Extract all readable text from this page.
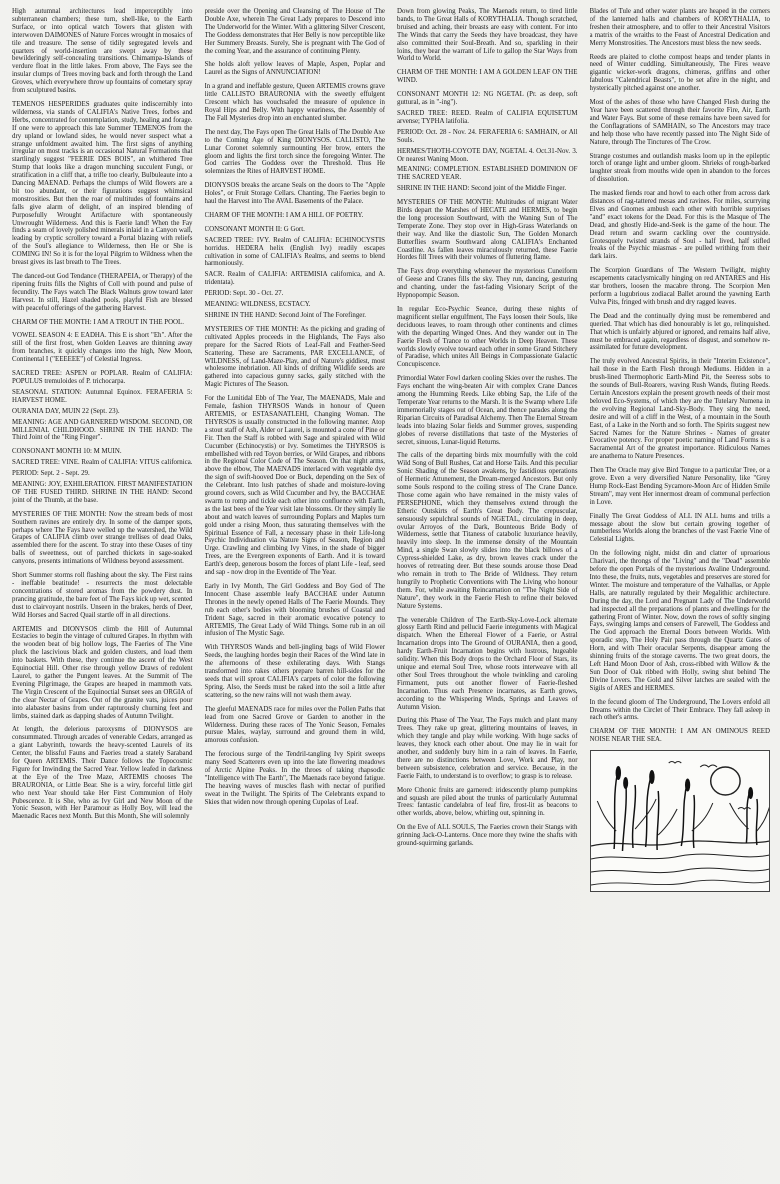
High autumnal architectures lead imperceptibly into subterranean chambers; these turn, shell-like, to the Earth Surface, or into optical watch Towers that glisten with interwoven DAIMONES of Nature Forces wrought in mosaics of tile and treasure. The sense of tidily segregated levels and quarters of world-insertion are swept away by these bewilderingly self-concealing transitions. Chimampa-Islands of verdure float in the little lakes. From above, The Fays see the insular clumps of Trees moving back and forth through the Land Groves, which everywhere throw up fountains of cometary spray from sculptured basins.

TEMENOS HESPERIDES graduates quite indiscernibly into wilderness, via stands of CALIFIA's Native Trees, forbes and Herbs, concentrated for contemplation, study, healing and forage. If one were to approach this late Summer TEMENOS from the dry upland or lowland sides, he would never suspect what a strange unfoldment awaited him. The first signs of anything irregular on most tracks is an occasional Natural Formations that startlingly suggest "FEERIE DES BOIS", an whithered Tree Stump that looks like a dragon munching succulent Fungi, or stratification in a cliff that, a trifle too clearly, Bulbuleaute into a Dancing MAENAD. Perhaps the clumps of Wild flowers are a bit too abundant, or their figurations suggest whimsical monstrosities. But then the roar of multitudes of fountains and falls give alarm of delight, of an inspired blending of Purposefully Wrought Artifacture with spontaneously Unwrought Wilderness. And this is Faerie land! When the Fay finds a seam of lovely polished minerals inlaid in a Canyon wall, leading by cryptic scrollery toward a Portal blazing with reliefs of the Soul's allegiance to Wilderness, then He or She is COMING IN! So it is for the loyal Pilgrim to Wildness when the breast gives its last breath to The Trees.

The danced-out God Tendance (THERAPEIA, or Therapy) of the ripening fruits fills the Nights of Coll with pound and pulse of fecundity. The Fays watch The Black Walnuts grow toward later Harvest. In still, Hazel shaded pools, playful Fish are blessed with peaceful offerings of the gathering Harvest.

CHARM OF THE MONTH: I AM A TROUT IN THE POOL.

VOWEL SEASON 4: E EADHA. This E is short "Eh". After the still of the first frost, when Golden Leaves are thinning away from branches, it quickly changes into the high, New Moon, Continental I ("EEEEEE") of Celestial Ingress.

SACRED TREE: ASPEN or POPLAR. Realm of CALIFIA: POPULUS tremuloides of P. trichocarpa.

SEASONAL STATION: Autumnal Equinox. FERAFERIA 5: HARVEST HOME.

OURANIA DAY, MUIN 22 (Sept. 23).

MEANING: AGE AND GARNERED WISDOM. SECOND, OR MILLENIAL CHILDHOOD. SHRINE IN THE HAND: The Third Joint of the "Ring Finger".

CONSONANT MONTH 10: M MUIN.

SACRED TREE: VINE. Realm of CALIFIA: VITUS californica.

PERIOD: Sept. 2 - Sept. 29.

MEANING: JOY, EXHILERATION. FIRST MANIFESTATION OF THE FUSED THIRD. SHRINE IN THE HAND: Second joint of the Thumb, at the base.

MYSTERIES OF THE MONTH: Now the stream beds of most Southern ravines are entirely dry. In some of the damper spots, perhaps where The Fays have welled up the watershed, the Wild Grapes of CALIFIA climb over strange trellises of dead Oaks, assembled there for the ascent. To stray into these Oases of tiny balls of sweetness, out of parched thickets in sage-soaked canyons, presents intimations of Wildness beyond assessment.

Short Summer storms roll flashing about the sky. The First rains - ineffable beatitude! - resurrects the most delectable concentrations of stored aromas from the powdery dust. In prancing gratitude, the bare feet of The Fays kick up wet, scented dust to clairvoyant nostrils. Unseen in the brakes, herds of Deer, Wild Horses and Sacred Quail startle off in all directions.

ARTEMIS and DIONYSOS climb the Hill of Autumnal Ecstacies to begin the vintage of cultured Grapes. In rhythm with the wooden beat of big hollow logs, The Faeries of The Vine pluck the lascivious black and golden clusters, and load them into baskets. With these, they continue the ascent of the West Equinoctial Hill. Other rise through yellow Draws of redolent Laurel, to gather the Pungent leaves. At the Summit of The Evening Pilgrimage, the Grapes are heaped in mammoth vats. The Virgin Crescent of the Equinoctial Sunset sees an ORGIA of the clear Nectar of Grapes. Out of the granite vats, juices pour into alabaster basins from under rapturously churning feet and limbs, stained dark as dapping shades of Autumn Twilight.

At length, the delerious paroxysms of DIONYSOS are consummated. Through arcades of venerable Cedars, arranged as a giant Labyrinth, towards the heavy-scented Laurels of its Center, the blissful Fauns and Faeries tread a stately Saraband for Queen ARTEMIS. Their Dance follows the Topocosmic Figure for Inwinding the Sacred Year. Yellow leafed in darkness at the Eye of the Tree Maze, ARTEMIS chooses The BRAURONIA, or Little Bear. She is a wiry, forceful little girl who next Year should take Her First Communion of Holy Pubescence. It is She, who as Ivy Girl and New Moon of the Yonic Season, with Her Paramour as Holly Boy, will lead the Maenadic Races next Month. But this Month, She will solemnly

preside over the Opening and Cleansing of The House of The Double Axe, wherein The Great Lady prepares to Descend into The Underworld for the Winter. With a glittering Silver Crescent, The Goddess demonstrates that Her Belly is now perceptible like Her Summery Breasts. Surely, She is pregnant with The God of the coming Year, and the assurance of continuing Plenty.

She holds aloft yellow leaves of Maple, Aspen, Poplar and Laurel as the Signs of ANNUNCIATION!

In a grand and ineffable gesture, Queen ARTEMIS crowns grave little CALLISTO BRAURONIA with the sweetly effulgent Crescent which has vouchsafed the measure of opulence in Royal Hips and Belly. With happy weariness, the Assembly of The Fall Mysteries drop into an enchanted slumber.

The next day, The Fays open The Great Halls of The Double Axe to the Coming Age of King DIONYSOS. CALLISTO, The Lunar Coronet solemnly surmounting Her brow, enters the gloom and lights the first torch since the foregoing Winter. The God carries The Goddess over the Threshold. Thus He solemnizes the Rites of HARVEST HOME.

DIONYSOS breaks the arcane Seals on the doors to The "Apple Holes", or Fruit Storage Cellars. Chanting, The Faeries begin to haul the Harvest into The AVAL Basements of the Palace.

CHARM OF THE MONTH: I AM A HILL OF POETRY.

CONSONANT MONTH II: G Gort.

SACRED TREE: IVY. Realm of CALIFIA: ECHINOCYSTIS horridus. HEDERA helix (English Ivy) readily escapes cultivation in some of CALIFIA's Realms, and seems to blend harmoniously.

SACR. Realm of CALIFIA: ARTEMISIA californica, and A. tridentata).

PERIOD: Sept. 30 - Oct. 27.

MEANING: WILDNESS, ECSTACY.

SHRINE IN THE HAND: Second Joint of The Forefinger.

MYSTERIES OF THE MONTH: As the picking and grading of cultivated Apples proceeds in the Highlands, The Fays also prepare for the Sacred Riots of Leaf-Fall and Feather-Seed Scattering. These are Sacraments, PAR EXCELLANCE, of WILDNESS, of Land-Maze-Play, and of Nature's giddiest, most wholesome inebriation. All kinds of drifting Wildlife seeds are gathered into capacious gunny sacks, gaily stitched with the Magic Pictures of The Season.

For the Lunitidal Ebb of The Year, The MAENADS, Male and Female, fashion THYRSOS Wands in honour of Queen ARTEMIS, or ESTASANATLEHI, Changing Woman. The THYRSOS is usually constructed in the following manner. Atop a stout staff of Ash, Alder or Laurel, is mounted a cone of Pine or Fir. Then the Staff is robbed with Sage and spiraled with Wild Cucumber (Echinocystis) or Ivy. Sometimes the THYRSOS is embellished with red Toyon berries, or Wild Grapes, and ribbons in the Regional Color Code of The Season. On that night arms, above the elbow, The MAENADS interlaced with vegetable dye the sign of swift-hooved Doe or Buck, depending on the Sex of the Celebrant. Into lush patches of shade and moisture-loving ground covers, such as Wild Cucumber and Ivy, the BACCHAE swarm to romp and tickle each other into confluence with Earth, as the last bees of the Year visit late blossoms. Or they simply lie about and watch leaves of surrounding Poplars and Maples turn gold under a rising Moon, thus saturating themselves with the Spiritual Essence of Fall, a necessary phase in their Life-long Psychic Individuation via Nature Signs of Season, Region and Urge. Crawling and climbing Ivy Vines, in the shade of bigger Trees, are the Evergreen exponents of Earth. And it is toward Earth's deep, generous bosom the forces of plant Life - leaf, seed and sap - now drop in the Eventide of The Year.

Early in Ivy Month, The Girl Goddess and Boy God of The Innocent Chase assemble leafy BACCHAE under Autumn Thrones in the newly opened Halls of The Faerie Mounds. They rub each other's bodies with blooming brushes of Coastal and Trident Sage, sacred in their aromatic evocative potency to ARTEMIS, The Great Lady of Wild Things. Some rub in an oil infusion of The Mystic Sage.

With THYRSOS Wands and bell-jingling bags of Wild Flower Seeds, the laughing hordes begin their Races of the Wind late in the afternoons of these exhilerating days. With Stangs transformed into rakes others prepare barren hill-sides for the seeds that will sprout CALIFIA's carpets of color the following Spring. Also, the Seeds must be raked into the soil a little after scattering, so the new rains will not wash them away.

The gleeful MAENADS race for miles over the Pollen Paths that lead from one Sacred Grove or Garden to another in the Wilderness. During these races of The Yonic Season, Females pursue Males, waylay, surround and ground them in wild, amorous confusion.

The ferocious surge of the Tendril-tangling Ivy Spirit sweeps many Seed Scatterers even up into the late flowering meadows of Arctic Alpine Peaks. In the throes of taking rhapsodic "Intelligence with The Earth", The Maenads race beyond fatigue. The heaving waves of muscles flash with nectar of purified sweat in the Twilight. The Spirits of The Celebrants expand to Skies that widen now through opening Cupolas of Leaf.

Down from glowing Peaks, The Maenads return, to tired little bands, to The Great Halls of KORYTHALIA. Though scratched, bruised and aching, their breasts are easy with content. For into The Winds that carry the Seeds they have broadcast, they have also committed their Soul-Breath. And so, sparkling in their loins, they bear the warrant of Life to gallop the Star Ways from World to World.

CHARM OF THE MONTH: I AM A GOLDEN LEAF ON THE WIND.

CONSONANT MONTH 12: NG NGETAL (Pr. as deep, soft guttural, as in "-ing").

SACRED TREE: REED. Realm of CALIFIA EQUISETUM arvense; TYPHA latifolia.

PERIOD: Oct. 28 - Nov. 24. FERAFERIA 6: SAMHAIN, or All Souls.

HERMES/THOTH-COYOTE DAY, NGETAL 4. Oct.31-Nov. 3. Or nearest Waning Moon.

MEANING: COMPLETION. ESTABLISHED DOMINION OF THE SACRED YEAR.

SHRINE IN THE HAND: Second joint of the Middle Finger.

MYSTERIES OF THE MONTH: Multitudes of migrant Water Birds depart the Marshes of HECATE and HERMES, to begin the long procession Southward, with the Waning Sun of The Temperate Zone. They stop over in High-Grass Waterlands on their way. And like the diastolic Sun, The Golden Monarch Butterflies swarm Southward along CALIFIA's Enchanted Coastline. As fallen leaves miraculously returned, these Faerie Hordes fill Trees with their volumes of fluttering flame.

The Fays drop everything whenever the mysterious Cuneiform of Geese and Cranes fills the sky. They run, dancing, gesturing and chanting, under the fast-fading Visionary Script of the Hypnopompic Season.

In regular Eco-Psychic Seance, during these nights of magnificent stellar engulfment, The Fays loosen their Souls, like deciduous leaves, to roam through other continents and climes with the departing Winged Ones. And they wander out in The Faerie Flesh of Trance to other Worlds in Deep Heaven. These worlds slowly evolve toward each other in some Grand Stitchery of Paradise, which unites All Beings in Compassionate Galactic Concupiscence.

Primordial Water Fowl darken cooling Skies over the rushes. The Fays enchant the wing-beaten Air with complex Crane Dances among the Humming Reeds. Like ebbing Sap, the Life of the Temperate Year returns to the Marsh. It is the Swamp where Life immemorially stages out of Ocean, and thence parades along the Riparian Circuits of Paradisal Alchemy. Then The Eternal Stream leads into blazing Solar fields and Summer groves, suspending globes of reverse distillations that taste of the Mysteries of secret, sinuous, Lunar-liquid Returns.

The calls of the departing birds mix mournfully with the cold Wild Song of Bull Rushes, Cat and Horse Tails. And this peculiar Sonic Shading of the Season awakens, by fastidious operations of Hermetic Attunement, the Dream-merged Ancestors. But only some Souls respond to the coiling stress of The Crane Dance. Those come again who have remained in the misty vales of PERSEPHONE, which they themselves extend through the Etheric Outskirts of Earth's Great Body. The crepuscular, sensuously sepulchral sounds of NGETAL, circulating in deep, ovular Arroyos of the Dark, Bounteous Bride Body of Wilderness, settle that Titaness of catabolic luxuriance heavily, heavily into sleep. In the immense density of the Mountain Mind, a single Swan slowly slides into the black billows of a Cypress-shielded Lake, as dry, brown leaves crack under the hooves of retreating deer. But these sounds arouse those Dead who remain in troth to The Bride of Wildness. They return hungrily to Prophetic Conventions with The Living who honour them. For, while awaiting Reincarnation on "The Night Side of Nature", they work in the Faerie Flesh to refine their beloved Nature Systems.

The venerable Children of The Earth-Sky-Love-Lock alternate glossy Earth Rind and pellucid Faerie integuments with Magical dispatch. When the Ethereal Flower of a Faerie, or Astral Incarnation drops into The Ground of OURANIA, then a good, hardy Earth-Fruit Incarnation begins with lustrous, hugeable solidity. When this Body drops to the Orchard Floor of Stars, its unique and eternal Soul Tree, whose roots interweave with all other Soul Trees throughout the whole twinkling and caroling Firmament, puts out another flower of Faerie-fleshed Incarnation. Thus each Presence incarnates, as Earth grows, according to the Whispering Winds, Springs and Leaves of Autumn Vision.

During this Phase of The Year, The Fays mulch and plant many Trees. They rake up great, glittering mountains of leaves, in which they tangle and play while working. With huge sacks of leaves, they knock each other about. One may lie in wait for another, and suddenly bury him in a rain of leaves. In Faerie, there are no distinctions between Love, Work and Play, nor between subsistence, celebration and service. Because, in the Faerie Faith, to understand is to overflow; to grasp is to release.

More Cthonic fruits are garnered: iridescently plump pumpkins and squash are piled about the trunks of particularly Autumnal Trees: fantastic candelabra of leaf fire, frost-lit as beacons to other worlds, above, below, whirling out, spinning in.

On the Eve of ALL SOULS, The Faeries crown their Stangs with grinning Jack-O-Lanterns. Once more they twine the shafts with ground-squirming garlands.

Blades of Tule and other water plants are heaped in the corners of the lanterned halls and chambers of KORYTHALIA, to freshen their atmosphere, and to offer to their Ancestral Visitors a matrix of the wraiths to the Feast of Ancestral Dedication and Merry Monstrosities. The Ancestors must bless the new seeds.

Reeds are plaited to clothe compost heaps and tender plants in need of Winter cuddling. Simultaneously, The Fires weave gigantic wicker-work dragons, chimeras, griffins and other fabulous "Calendrical Beasts", to be set afire in the night, and hysterically pitched against one another.

Most of the ashes of those who have Changed Flesh during the Year have been scattered through their favorite Fire, Air, Earth and Water Fays. But some of these remains have been saved for the Conflagrations of SAMHAIN, so The Ancestors may trace and help those who have recently passed into The Night Side of Nature, through The Tinctures of The Crow.

Strange costumes and outlandish masks loom up in the epileptic torch of orange light and umber gloom. Shrieks of rough-barked laughter streak from mouths wide open in abandon to the forces of dissolution.

The masked fiends roar and howl to each other from across dark distances of rag-tattered mesas and ravines. For miles, scurrying Elves and Gnomes ambush each other with horrible surprises "and" exact tokens for the Dead. For this is the Masque of The Dead, and ghostly Hide-and-Seek is the game of the hour. The Dead return and swarm cackling over the countryside. Grotesquely twisted strands of Soul - half lived, half stifled freaks of the Psychic miasmas - are pulled writhing from their dark lairs.

The Scorpion Guardians of The Western Twilight, mighty escapements cataclysmically hinging on red ANTARES and His star brothers, loosen the macabre throng. The Scorpion Men perform a lugubrious zodiacal Ballet around the yawning Earth Vulva Pits, fringed with brush and dry ragged leaves.

The Dead and the continually dying must be remembered and queried. That which has died honourably is let go, relinquished. That which is unfairly abjured or ignored, and remains half alive, must be embraced again, regardless of disgust, and somehow re-assimilated for future development.

The truly evolved Ancestral Spirits, in their "Interim Existence", hail those in the Earth Flesh through Mediums. Hidden in a brush-lined Thermophoric Earth-Mind Pit, the Seeress sobs to the sounds of Bull-Roarers, waving Rush Wands, fluting Reeds. Certain Ancestors explain the present growth needs of their most beloved Eco-Systems, of which they are the Tutelary Numena in the evolving Regional Land-Sky-Body. They sing the need, desire and will of a cliff in the West, of a mountain in the South East, of a Lake in the North and so forth. The Spirits suggest new Sacred Names for the Nature Shrines - Names of greater Evocative potency. For proper poetic naming of Land Forms is a Sacramental Art of the greatest importance. Ridiculous Names are anathema to Nature Presences.

Then The Oracle may give Bird Tongue to a particular Tree, or a grove. Even a very diversified Nature Personality, like "Grey Hump Rock-East Bending Sycamore-Moon Arc of Hidden Smile Stream", may vent Her innermost dream of communal perfection in Love.

Finally The Great Goddess of ALL IN ALL hums and trills a message about the slow but certain growing together of numberless Worlds along the branches of the vast Faerie Vine of Celestial Lights.

On the following night, midst din and clatter of uproarious Charivari, the throngs of the "Living" and the "Dead" assemble before the open Portals of the mysterious Avaline Underground. Into these, the fruits, nuts, vegetables and preserves are stored for Winter. The moisture and temperature of the Valhallas, or Apple Halls, are naturally regulated by their Megalithic architecture. During the day, the Lord and Pregnant Lady of The Underworld had inspected all the preparations of plants and dwellings for the gathering Front of Winter. Now, down the rows of softly singing Fays, swinging lamps and censers of Farewell, The Goddess and The God approach the Eternal Doors between Worlds. With sporadic step, The Holy Pair pass through the Quartz Gates of Horn, and with Their oracular Serpents, disappear among the shinning fruits of the storage caverns. The two great doors, the Left Hand Moon Door of Ash, cross-ribbed with Willow & the Sun Door of Oak ribbed with Holly, swing shut behind The Divine Lovers. The Gold and Silver latches are sealed with the Sigils of ARES and HERMES.

In the fecund gloom of The Underground, The Lovers enfold all Dreams within the Circlet of Their Embrace. They fall asleep in each other's arms.

CHARM OF THE MONTH: I AM AN OMINOUS REED NOISE NEAR THE SEA.
